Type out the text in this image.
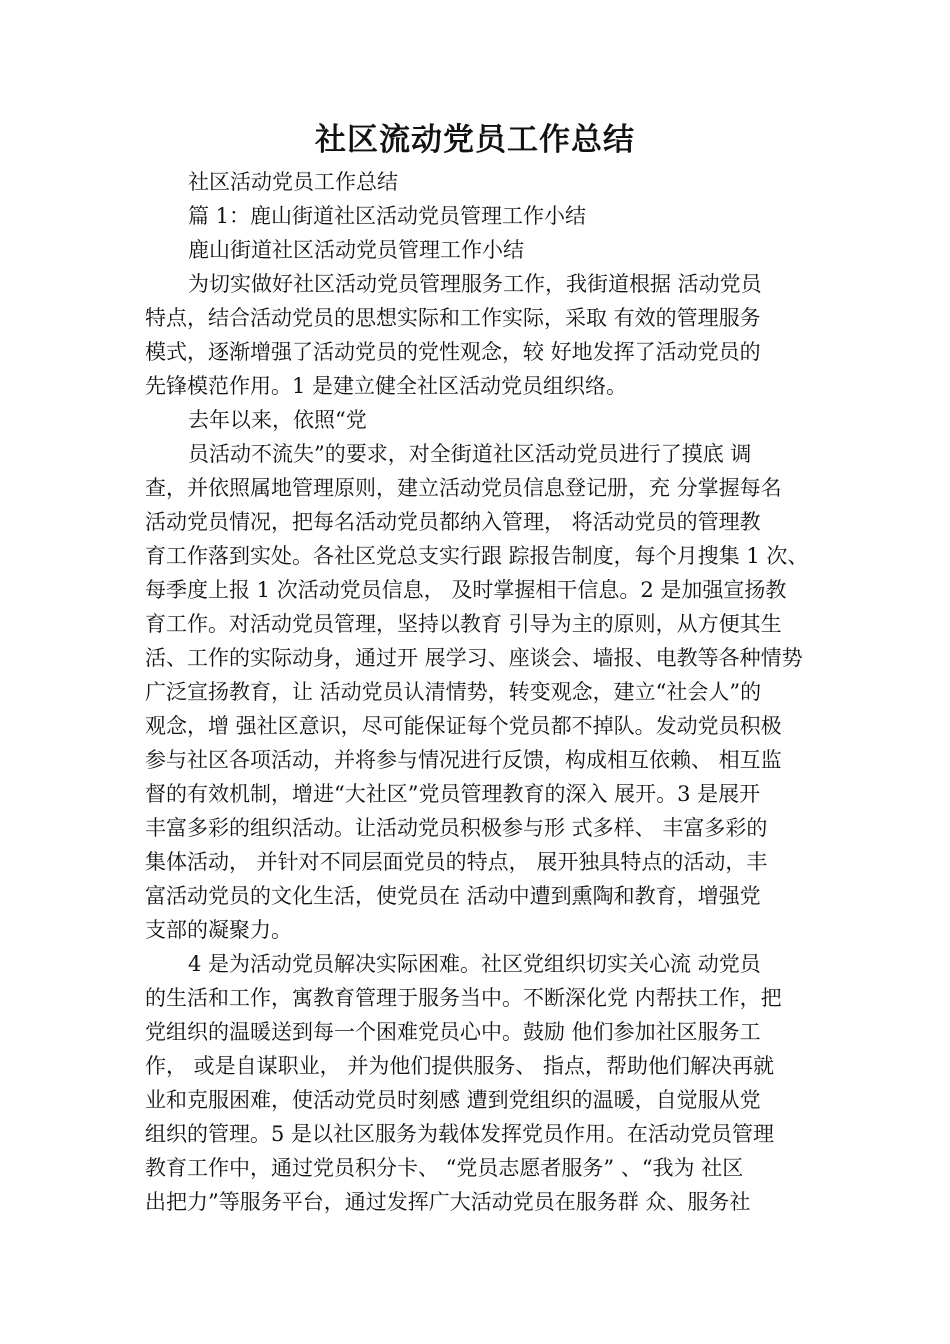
社区流动党员工作总结
社区活动党员工作总结
篇 1：鹿山街道社区活动党员管理工作小结
鹿山街道社区活动党员管理工作小结
为切实做好社区活动党员管理服务工作，我街道根据 活动党员
特点，结合活动党员的思想实际和工作实际，采取 有效的管理服务
模式，逐渐增强了活动党员的党性观念，较 好地发挥了活动党员的
先锋模范作用。1 是建立健全社区活动党员组织络。
去年以来，依照“党
员活动不流失”的要求，对全街道社区活动党员进行了摸底 调
查，并依照属地管理原则，建立活动党员信息登记册，充 分掌握每名
活动党员情况，把每名活动党员都纳入管理， 将活动党员的管理教
育工作落到实处。各社区党总支实行跟 踪报告制度，每个月搜集 1 次、
每季度上报 1 次活动党员信息， 及时掌握相干信息。2 是加强宣扬教
育工作。对活动党员管理，坚持以教育 引导为主的原则，从方便其生
活、工作的实际动身，通过开 展学习、座谈会、墙报、电教等各种情势
广泛宣扬教育，让 活动党员认清情势，转变观念，建立“社会人”的
观念，增 强社区意识，尽可能保证每个党员都不掉队。发动党员积极
参与社区各项活动，并将参与情况进行反馈，构成相互依赖、 相互监
督的有效机制，增进“大社区”党员管理教育的深入 展开。3 是展开
丰富多彩的组织活动。让活动党员积极参与形 式多样、 丰富多彩的
集体活动， 并针对不同层面党员的特点， 展开独具特点的活动，丰
富活动党员的文化生活，使党员在 活动中遭到熏陶和教育，增强党
支部的凝聚力。
4 是为活动党员解决实际困难。社区党组织切实关心流 动党员
的生活和工作，寓教育管理于服务当中。不断深化党 内帮扶工作，把
党组织的温暖送到每一个困难党员心中。鼓励 他们参加社区服务工
作， 或是自谋职业， 并为他们提供服务、 指点，帮助他们解决再就
业和克服困难，使活动党员时刻感 遭到党组织的温暖，自觉服从党
组织的管理。5 是以社区服务为载体发挥党员作用。在活动党员管理
教育工作中，通过党员积分卡、 “党员志愿者服务” 、“我为 社区
出把力”等服务平台，通过发挥广大活动党员在服务群 众、服务社
